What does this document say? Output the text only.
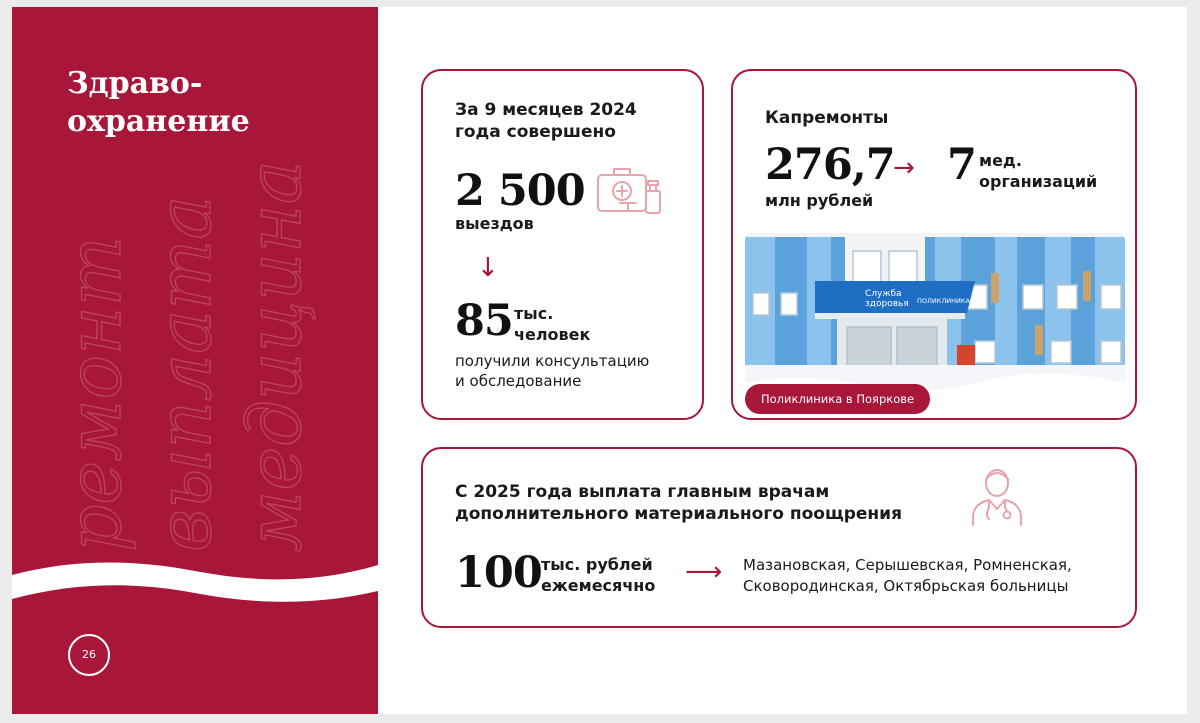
ремонт выплата медицина
Здраво-
охранение
26
За 9 месяцев 2024
года совершено
2 500
выездов
↓
85 тыс.
человек
получили консультацию
и обследование
Капремонты
276,7
млн рублей
→ 7 мед.
организаций
Служба
здоровья ПОЛИКЛИНИКА
Поликлиника в Пояркове
С 2025 года выплата главным врачам
дополнительного материального поощрения
100 тыс. рублей
ежемесячно ⟶ Мазановская, Серышевская, Ромненская,
Сковородинская, Октябрьская больницы
